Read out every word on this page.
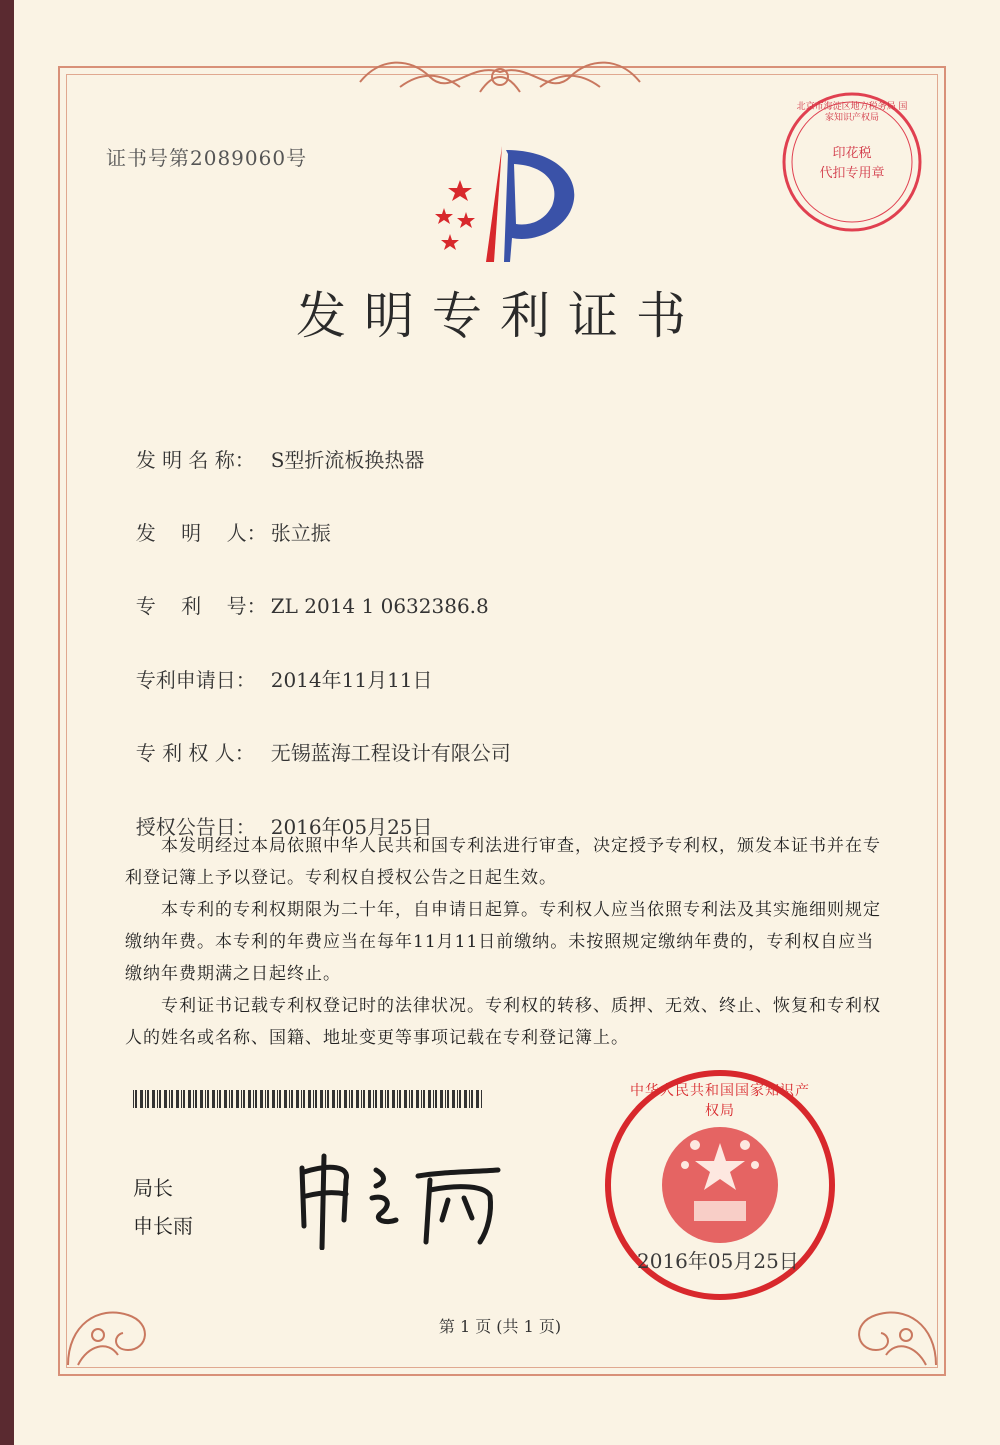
证书号第2089060号
发明专利证书
印花税
代扣专用章
北京市海淀区地方税务局 国家知识产权局

发 明 名 称： S型折流板换热器

发    明    人： 张立振

专    利    号： ZL 2014 1 0632386.8

专利申请日： 2014年11月11日

专 利 权 人： 无锡蓝海工程设计有限公司

授权公告日： 2016年05月25日

　　本发明经过本局依照中华人民共和国专利法进行审查，决定授予专利权，颁发本证书并在专利登记簿上予以登记。专利权自授权公告之日起生效。

　　本专利的专利权期限为二十年，自申请日起算。专利权人应当依照专利法及其实施细则规定缴纳年费。本专利的年费应当在每年11月11日前缴纳。未按照规定缴纳年费的，专利权自应当缴纳年费期满之日起终止。

　　专利证书记载专利权登记时的法律状况。专利权的转移、质押、无效、终止、恢复和专利权人的姓名或名称、国籍、地址变更等事项记载在专利登记簿上。

局长
申长雨
中华人民共和国国家知识产权局
2016年05月25日
第 1 页 (共 1 页)
